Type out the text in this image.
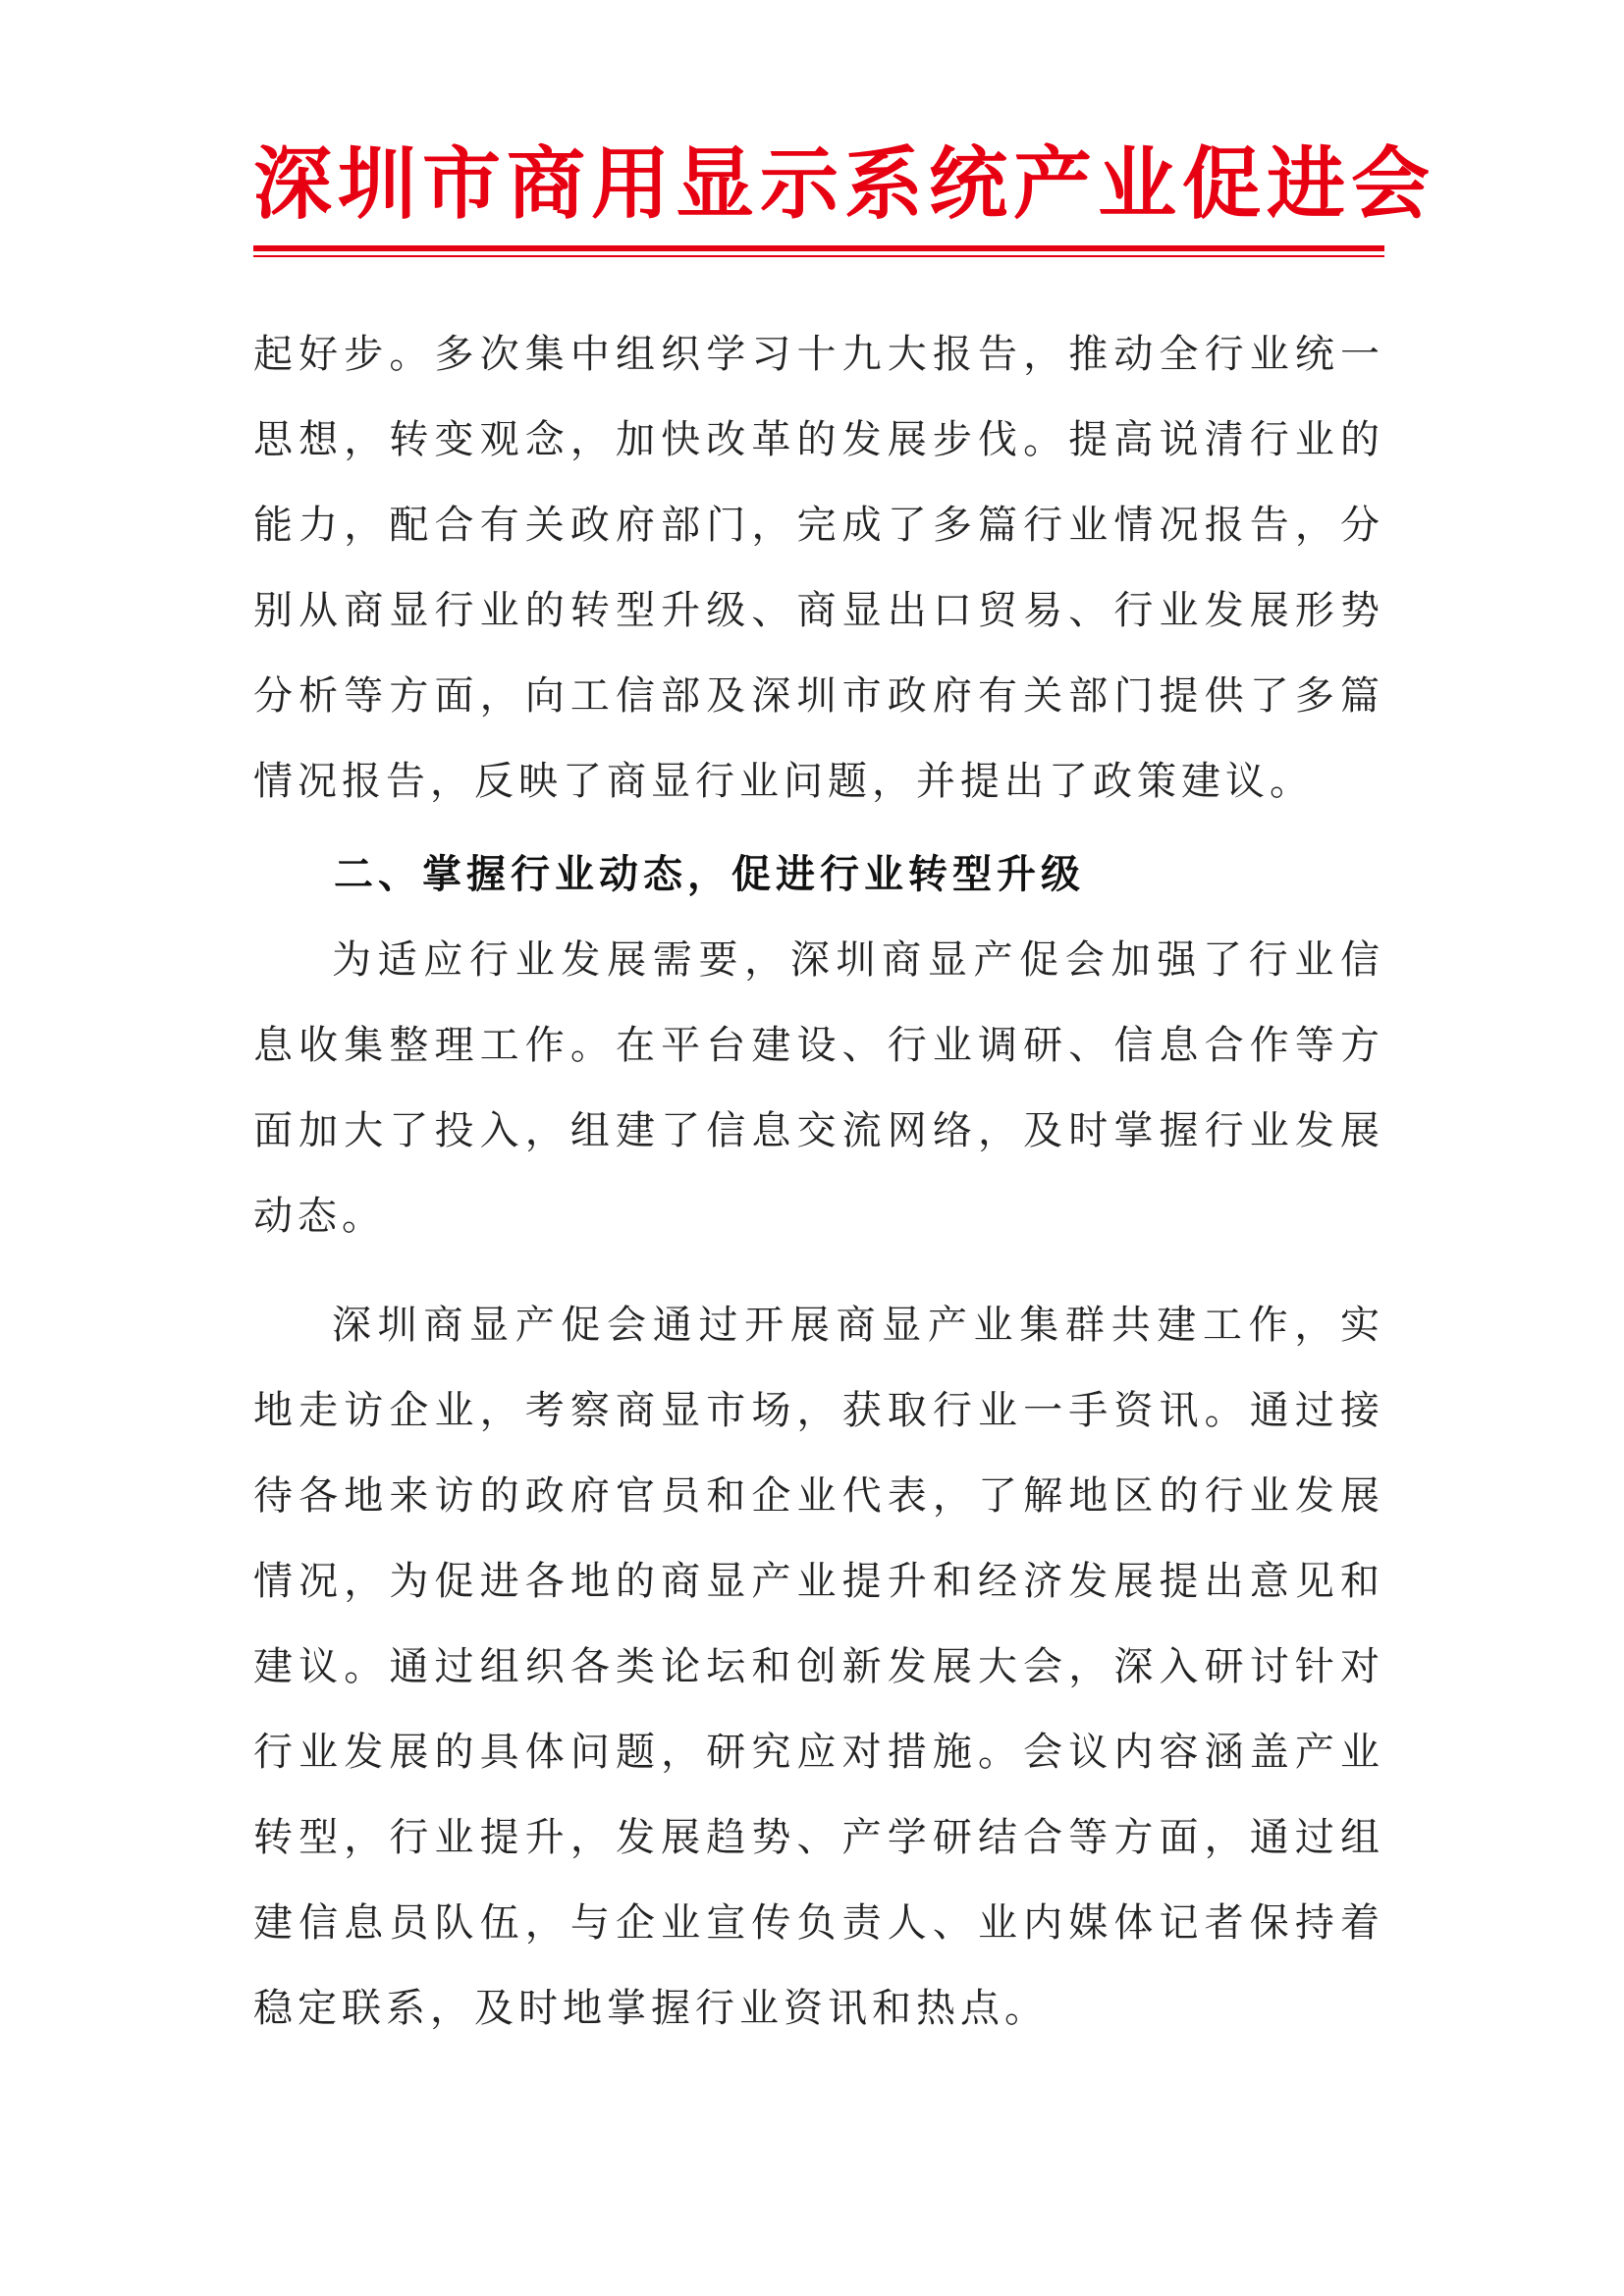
深圳市商用显示系统产业促进会

起好步。多次集中组织学习十九大报告，推动全行业统一思想，转变观念，加快改革的发展步伐。提高说清行业的能力，配合有关政府部门，完成了多篇行业情况报告，分别从商显行业的转型升级、商显出口贸易、行业发展形势分析等方面，向工信部及深圳市政府有关部门提供了多篇情况报告，反映了商显行业问题，并提出了政策建议。

二、掌握行业动态，促进行业转型升级

为适应行业发展需要，深圳商显产促会加强了行业信息收集整理工作。在平台建设、行业调研、信息合作等方面加大了投入，组建了信息交流网络，及时掌握行业发展动态。

深圳商显产促会通过开展商显产业集群共建工作，实地走访企业，考察商显市场，获取行业一手资讯。通过接待各地来访的政府官员和企业代表，了解地区的行业发展情况，为促进各地的商显产业提升和经济发展提出意见和建议。通过组织各类论坛和创新发展大会，深入研讨针对行业发展的具体问题，研究应对措施。会议内容涵盖产业转型，行业提升，发展趋势、产学研结合等方面，通过组建信息员队伍，与企业宣传负责人、业内媒体记者保持着稳定联系，及时地掌握行业资讯和热点。
